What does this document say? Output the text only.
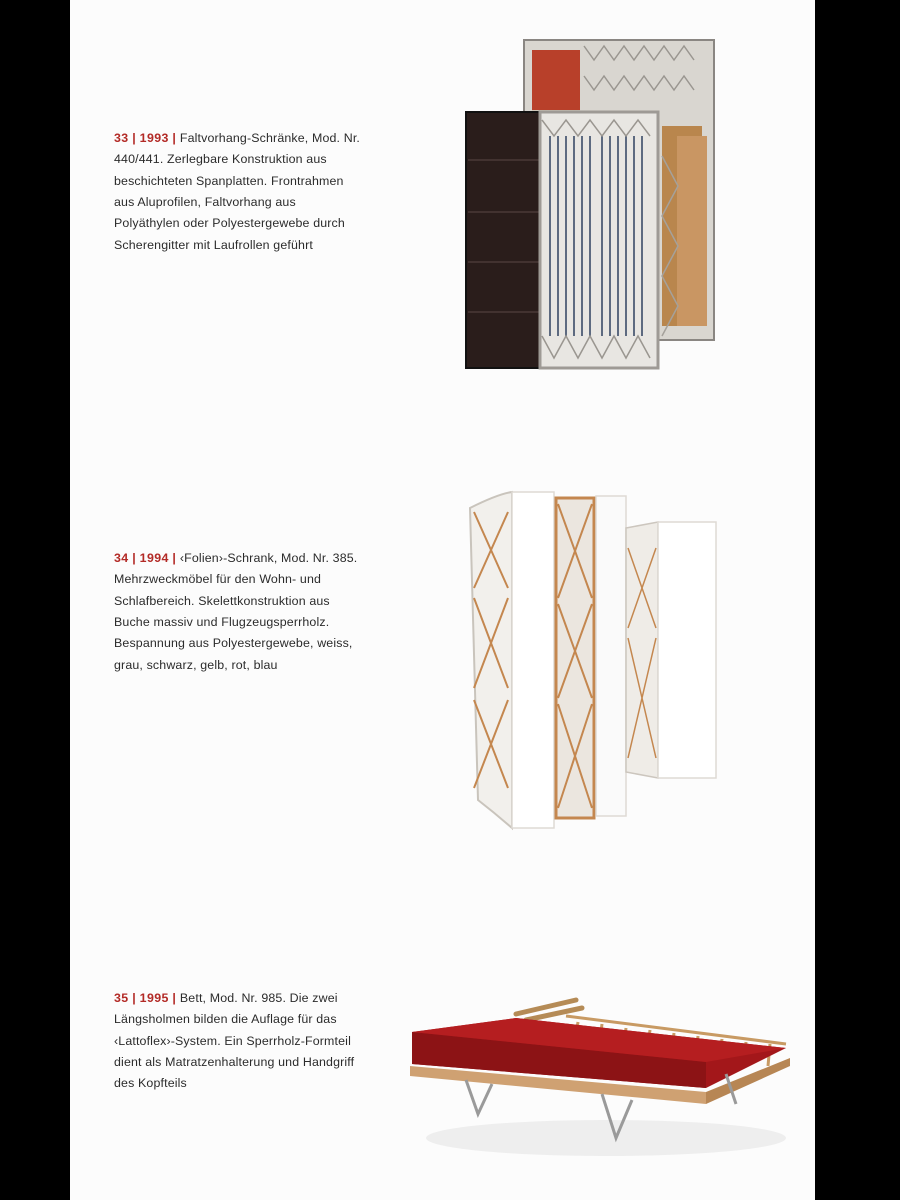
33 | 1993 | Faltvorhang-Schränke, Mod. Nr. 440/441. Zerlegbare Konstruktion aus beschichteten Spanplatten. Frontrahmen aus Aluprofilen, Faltvorhang aus Polyäthylen oder Polyestergewebe durch Scherengitter mit Laufrollen geführt
34 | 1994 | ‹Folien›-Schrank, Mod. Nr. 385. Mehrzweckmöbel für den Wohn- und Schlafbereich. Skelettkonstruktion aus Buche massiv und Flugzeugsperrholz. Bespannung aus Polyestergewebe, weiss, grau, schwarz, gelb, rot, blau
35 | 1995 | Bett, Mod. Nr. 985. Die zwei Längsholmen bilden die Auflage für das ‹Lattoflex›-System. Ein Sperrholz-Formteil dient als Matratzenhalterung und Handgriff des Kopfteils
